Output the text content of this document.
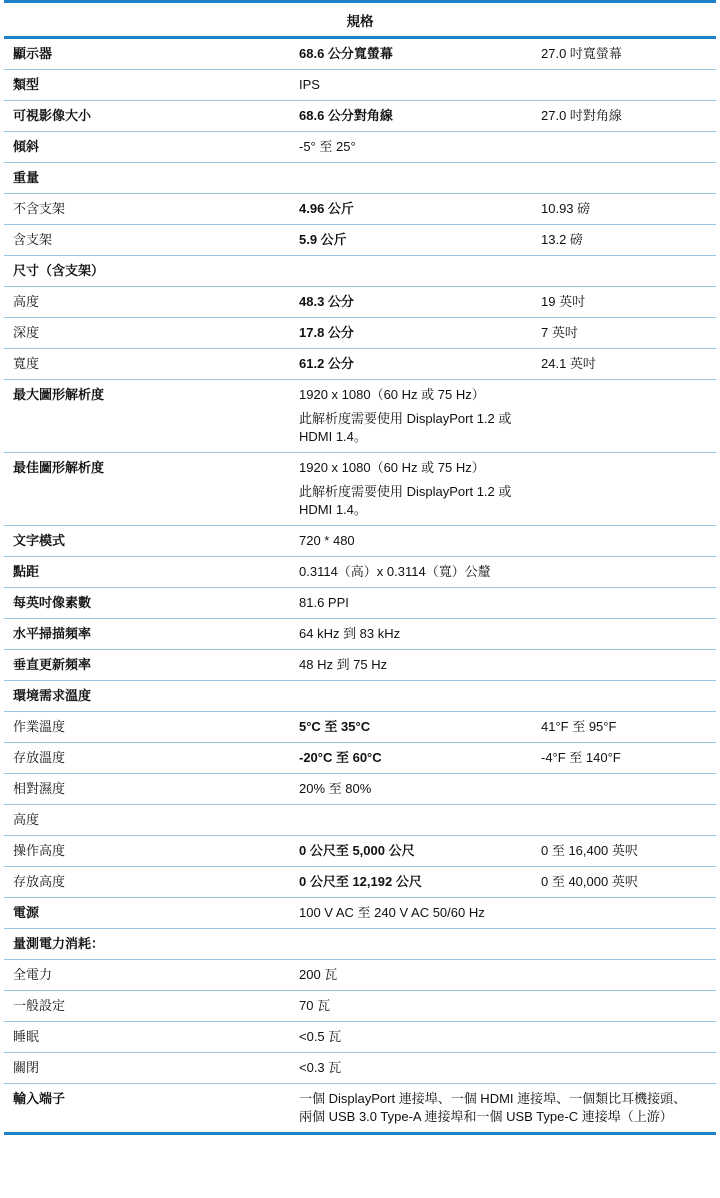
規格
顯示器	68.6 公分寬螢幕	27.0 吋寬螢幕
類型	IPS
可視影像大小	68.6 公分對角線	27.0 吋對角線
傾斜	-5° 至 25°
重量
不含支架	4.96 公斤	10.93 磅
含支架	5.9 公斤	13.2 磅
尺寸（含支架）
高度	48.3 公分	19 英吋
深度	17.8 公分	7 英吋
寬度	61.2 公分	24.1 英吋
最大圖形解析度	1920 x 1080（60 Hz 或 75 Hz）
此解析度需要使用 DisplayPort 1.2 或 HDMI 1.4。
最佳圖形解析度	1920 x 1080（60 Hz 或 75 Hz）
此解析度需要使用 DisplayPort 1.2 或 HDMI 1.4。
文字模式	720 * 480
點距	0.3114（高）x 0.3114（寬）公釐
每英吋像素數	81.6 PPI
水平掃描頻率	64 kHz 到 83 kHz
垂直更新頻率	48 Hz 到 75 Hz
環境需求溫度
作業溫度	5°C 至 35°C	41°F 至 95°F
存放溫度	-20°C 至 60°C	-4°F 至 140°F
相對濕度	20% 至 80%
高度
操作高度	0 公尺至 5,000 公尺	0 至 16,400 英呎
存放高度	0 公尺至 12,192 公尺	0 至 40,000 英呎
電源	100 V AC 至 240 V AC 50/60 Hz
量測電力消耗：
全電力	200 瓦
一般設定	70 瓦
睡眠	<0.5 瓦
關閉	<0.3 瓦
輸入端子	一個 DisplayPort 連接埠、一個 HDMI 連接埠、一個類比耳機接頭、兩個 USB 3.0 Type-A 連接埠和一個 USB Type-C 連接埠（上游）
